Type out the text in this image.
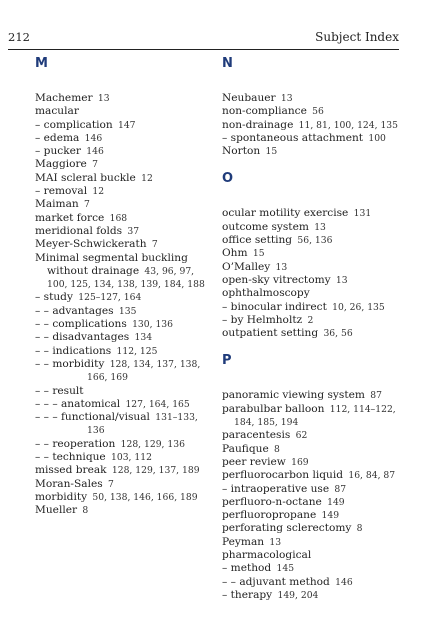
212	Subject Index
M
Machemer  13
macular
– complication  147
– edema  146
– pucker  146
Maggiore  7
MAI scleral buckle  12
– removal  12
Maiman  7
market force  168
meridional folds  37
Meyer-Schwickerath  7
Minimal segmental buckling
without drainage  43, 96, 97,
100, 125, 134, 138, 139, 184, 188
– study  125–127, 164
– – advantages  135
– – complications  130, 136
– – disadvantages  134
– – indications  112, 125
– – morbidity  128, 134, 137, 138,
166, 169
– – result
– – – anatomical  127, 164, 165
– – – functional/visual  131–133,
136
– – reoperation  128, 129, 136
– – technique  103, 112
missed break  128, 129, 137, 189
Moran-Sales  7
morbidity  50, 138, 146, 166, 189
Mueller  8
N
Neubauer  13
non-compliance  56
non-drainage  11, 81, 100, 124, 135
– spontaneous attachment  100
Norton  15
O
ocular motility exercise  131
outcome system  13
office setting  56, 136
Ohm  15
O’Malley  13
open-sky vitrectomy  13
ophthalmoscopy
– binocular indirect  10, 26, 135
– by Helmholtz  2
outpatient setting  36, 56
P
panoramic viewing system  87
parabulbar balloon  112, 114–122,
184, 185, 194
paracentesis  62
Paufique  8
peer review  169
perfluorocarbon liquid  16, 84, 87
– intraoperative use  87
perfluoro-n-octane  149
perfluoropropane  149
perforating sclerectomy  8
Peyman  13
pharmacological
– method  145
– – adjuvant method  146
– therapy  149, 204
